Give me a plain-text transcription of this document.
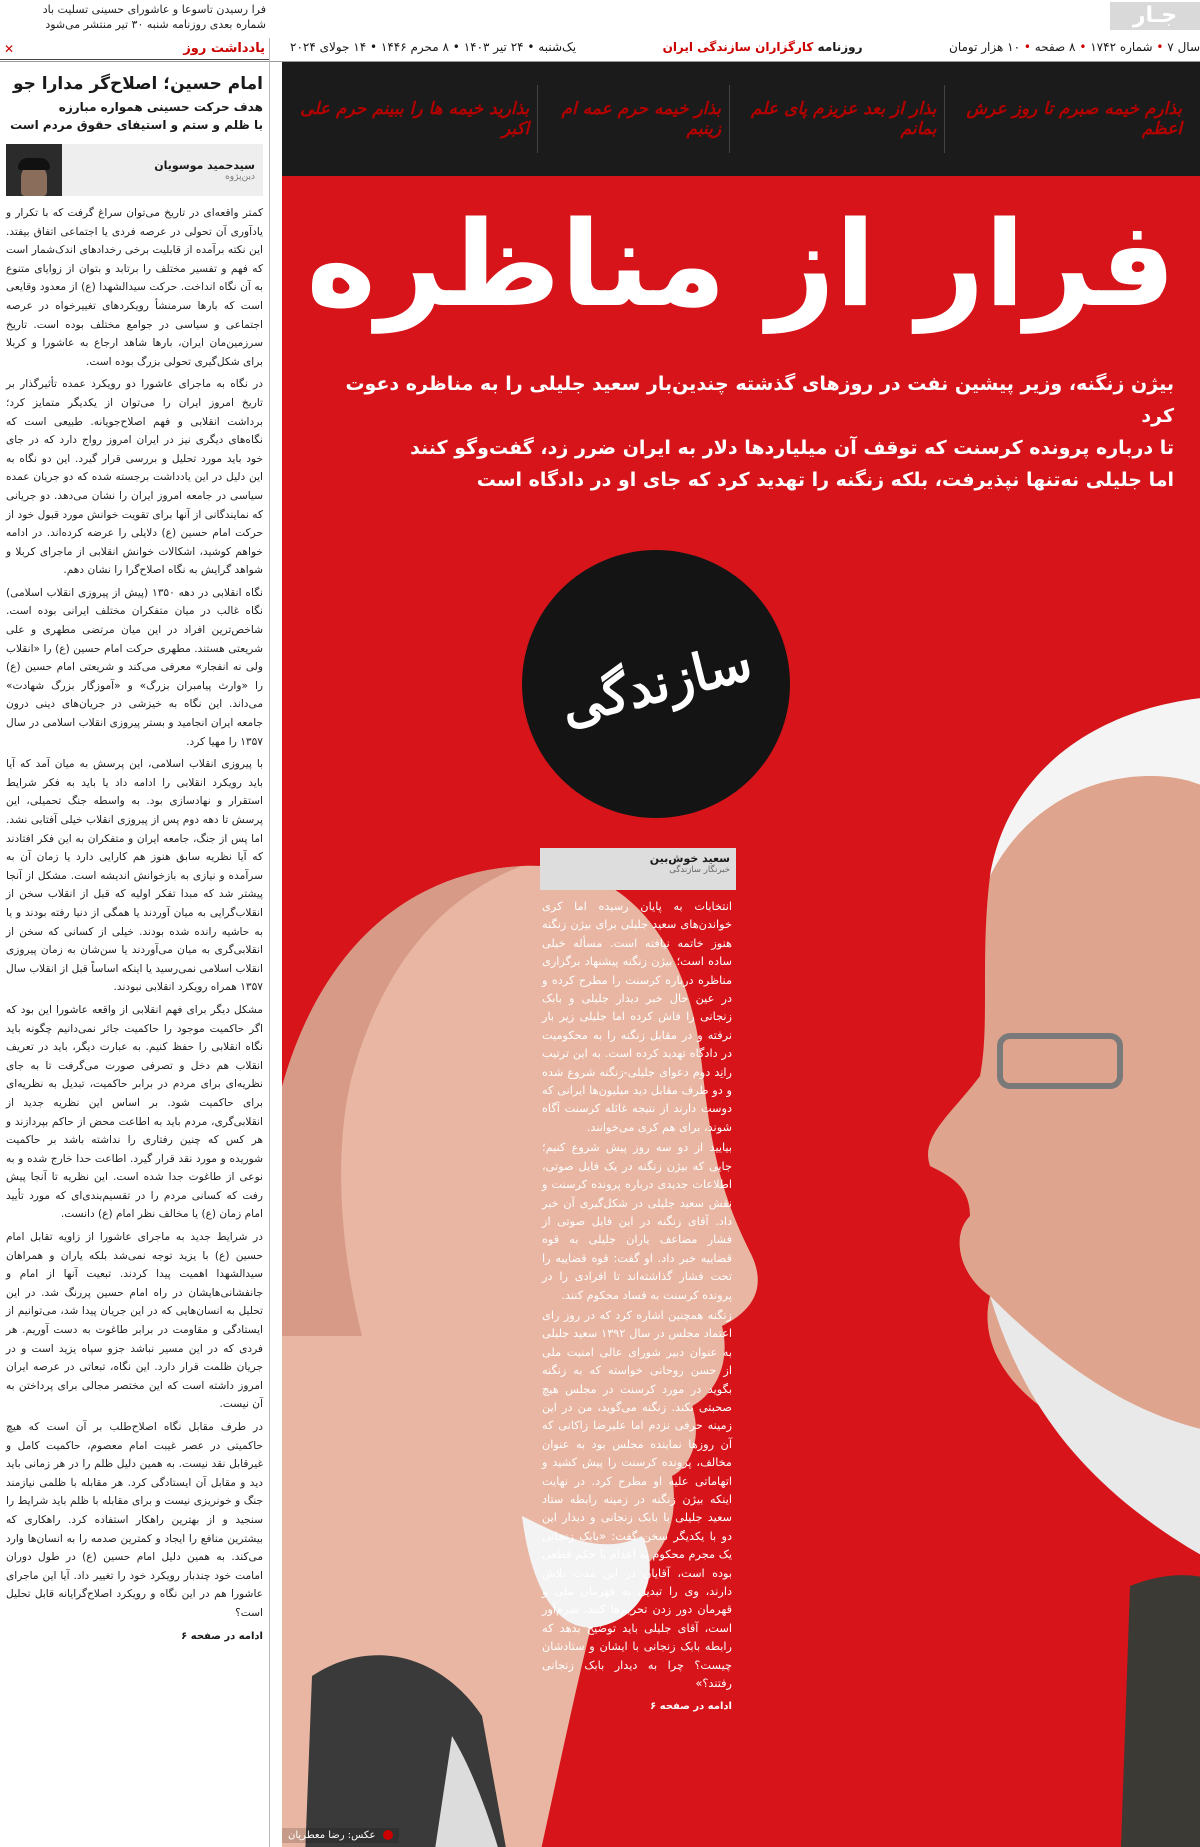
فرا رسیدن تاسوعا و عاشورای حسینی تسلیت باد
شماره بعدی روزنامه شنبه ۳۰ تیر منتشر می‌شود	جـار
سال ۷ • شماره ۱۷۴۲ • ۸ صفحه • ۱۰ هزار تومان
روزنامه کارگزاران سازندگی ایران
یک‌شنبه • ۲۴ تیر ۱۴۰۳ • ۸ محرم ۱۴۴۶ • ۱۴ جولای ۲۰۲۴
یادداشت روز
✕
امام حسین؛ اصلاح‌گر مدارا جو
هدف حرکت حسینی همواره مبارزه
با ظلم و ستم و استیفای حقوق مردم است
سیدحمید موسویان
دین‌پژوه

کمتر واقعه‌ای در تاریخ می‌توان سراغ گرفت که با تکرار و یادآوری آن تحولی در عرصه فردی یا اجتماعی اتفاق بیفتد. این نکته برآمده از قابلیت برخی رخدادهای اندک‌شمار است که فهم و تفسیر مختلف را برتابد و بتوان از زوایای متنوع به آن نگاه انداخت. حرکت سیدالشهدا (ع) از معدود وقایعی است که بارها سرمنشأ رویکردهای تغییرخواه در عرصه اجتماعی و سیاسی در جوامع مختلف بوده است. تاریخ سرزمین‌مان ایران، بارها شاهد ارجاع به عاشورا و کربلا برای شکل‌گیری تحولی بزرگ بوده است.

در نگاه به ماجرای عاشورا دو رویکرد عمده تأثیرگذار بر تاریخ امروز ایران را می‌توان از یکدیگر متمایز کرد؛ برداشت انقلابی و فهم اصلاح‌جویانه. طبیعی است که نگاه‌های دیگری نیز در ایران امروز رواج دارد که در جای خود باید مورد تحلیل و بررسی قرار گیرد. این دو نگاه به این دلیل در این یادداشت برجسته شده که دو جریان عمده سیاسی در جامعه امروز ایران را نشان می‌دهد. دو جریانی که نمایندگانی از آنها برای تقویت خوانش مورد قبول خود از حرکت امام حسین (ع) دلایلی را عرضه کرده‌اند. در ادامه خواهم کوشید، اشکالات خوانش انقلابی از ماجرای کربلا و شواهد گرایش به نگاه اصلاح‌گرا را نشان دهم.

نگاه انقلابی در دهه ۱۳۵۰ (پیش از پیروزی انقلاب اسلامی) نگاه غالب در میان متفکران مختلف ایرانی بوده است. شاخص‌ترین افراد در این میان مرتضی مطهری و علی شریعتی هستند. مطهری حرکت امام حسین (ع) را «انقلاب ولی نه انفجار» معرفی می‌کند و شریعتی امام حسین (ع) را «وارث پیامبران بزرگ» و «آموزگار بزرگ شهادت» می‌داند. این نگاه به خیزشی در جریان‌های دینی درون جامعه ایران انجامید و بستر پیروزی انقلاب اسلامی در سال ۱۳۵۷ را مهیا کرد.

با پیروزی انقلاب اسلامی، این پرسش به میان آمد که آیا باید رویکرد انقلابی را ادامه داد یا باید به فکر شرایط استقرار و نهادسازی بود. به واسطه جنگ تحمیلی، این پرسش تا دهه دوم پس از پیروزی انقلاب خیلی آفتابی نشد. اما پس از جنگ، جامعه ایران و متفکران به این فکر افتادند که آیا نظریه سابق هنوز هم کارایی دارد یا زمان آن به سرآمده و نیازی به بازخوانش اندیشه است. مشکل از آنجا پیشتر شد که مبدا تفکر اولیه که قبل از انقلاب سخن از انقلاب‌گرایی به میان آوردند یا همگی از دنیا رفته بودند و یا به حاشیه رانده شده بودند. خیلی از کسانی که سخن از انقلابی‌گری به میان می‌آوردند یا سن‌شان به زمان پیروزی انقلاب اسلامی نمی‌رسید یا اینکه اساساً قبل از انقلاب سال ۱۳۵۷ همراه رویکرد انقلابی نبودند.

مشکل دیگر برای فهم انقلابی از واقعه عاشورا این بود که اگر حاکمیت موجود را حاکمیت جائر نمی‌دانیم چگونه باید نگاه انقلابی را حفظ کنیم. به عبارت دیگر، باید در تعریف انقلاب هم دخل و تصرفی صورت می‌گرفت تا به جای نظریه‌ای برای مردم در برابر حاکمیت، تبدیل به نظریه‌ای برای حاکمیت شود. بر اساس این نظریه جدید از انقلابی‌گری، مردم باید به اطاعت محض از حاکم بپردازند و هر کس که چنین رفتاری را نداشته باشد بر حاکمیت شوریده و مورد نقد قرار گیرد. اطاعت حدا خارج شده و به نوعی از طاغوت جدا شده است. این نظریه تا آنجا پیش رفت که کسانی مردم را در تقسیم‌بندی‌ای که مورد تأیید امام زمان (ع) یا مخالف نظر امام (ع) دانست.

در شرایط جدید به ماجرای عاشورا از زاویه تقابل امام حسین (ع) با یزید توجه نمی‌شد بلکه یاران و همراهان سیدالشهدا اهمیت پیدا کردند. تبعیت آنها از امام و جانفشانی‌هایشان در راه امام حسین پررنگ شد. در این تحلیل به انسان‌هایی که در این جریان پیدا شد، می‌توانیم از ایستادگی و مقاومت در برابر طاغوت به دست آوریم. هر فردی که در این مسیر نباشد جزو سپاه یزید است و در جریان ظلمت قرار دارد. این نگاه، تبعاتی در عرصه ایران امروز داشته است که این مختصر مجالی برای پرداختن به آن نیست.

در طرف مقابل نگاه اصلاح‌طلب بر آن است که هیچ حاکمیتی در عصر غیبت امام معصوم، حاکمیت کامل و غیرقابل نقد نیست. به همین دلیل ظلم را در هر زمانی باید دید و مقابل آن ایستادگی کرد. هر مقابله با ظلمی نیازمند جنگ و خونریزی نیست و برای مقابله با ظلم باید شرایط را سنجید و از بهترین راهکار استفاده کرد. راهکاری که بیشترین منافع را ایجاد و کمترین صدمه را به انسان‌ها وارد می‌کند. به همین دلیل امام حسین (ع) در طول دوران امامت خود چندبار رویکرد خود را تغییر داد. آیا این ماجرای عاشورا هم در این نگاه و رویکرد اصلاح‌گرایانه قابل تحلیل است؟

ادامه در صفحه ۶
بذارم خیمه صبرم تا روز عرش اعظم
بذار از بعد عزیزم پای علم بمانم
بذار خیمه حرم عمه ام زینبم
بذارید خیمه ها را ببینم حرم علی اکبر
فرار از مناظره
بیژن زنگنه، وزیر پیشین نفت در روزهای گذشته چندین‌بار سعید جلیلی را به مناظره دعوت کرد
تا درباره پرونده کرسنت که توقف آن میلیاردها دلار به ایران ضرر زد، گفت‌وگو کنند
اما جلیلی نه‌تنها نپذیرفت، بلکه زنگنه را تهدید کرد که جای او در دادگاه است
سازندگی
سعید خوش‌بین
خبرنگار سازندگی

انتخابات به پایان رسیده اما کری خواندن‌های سعید جلیلی برای بیژن زنگنه هنوز خاتمه نیافته است. مسأله خیلی ساده است؛ بیژن زنگنه پیشنهاد برگزاری مناظره درباره کرسنت را مطرح کرده و در عین حال خبر دیدار جلیلی و بابک زنجانی را فاش کرده اما جلیلی زیر بار نرفته و در مقابل زنگنه را به محکومیت در دادگاه تهدید کرده است. به این ترتیب رانِد دوم دعوای جلیلی-زنگنه شروع شده و دو طرف مقابل دید میلیون‌ها ایرانی که دوست دارند از نتیجه غائله کرسنت آگاه شوند، برای هم کری می‌خوانند.

بیایید از دو سه روز پیش شروع کنیم؛ جایی که بیژن زنگنه در یک فایل صوتی، اطلاعات جدیدی درباره پرونده کرسنت و نقش سعید جلیلی در شکل‌گیری آن خبر داد. آقای زنگنه در این فایل صوتی از فشار مضاعف یاران جلیلی به قوه قضاییه خبر داد. او گفت: قوه قضاییه را تحت فشار گذاشته‌اند تا افرادی را در پرونده کرسنت به فساد محکوم کنند.

زنگنه همچنین اشاره کرد که در روز رای اعتماد مجلس در سال ۱۳۹۲ سعید جلیلی به عنوان دبیر شورای عالی امنیت ملی از حسن روحانی خواسته که به زنگنه بگوید در مورد کرسنت در مجلس هیچ صحبتی نکند. زنگنه می‌گوید، من در این زمینه حرفی نزدم اما علیرضا زاکانی که آن روزها نماینده مجلس بود به عنوان مخالف، پرونده کرسنت را پیش کشید و اتهاماتی علیه او مطرح کرد. در نهایت اینکه بیژن زنگنه در زمینه رابطه ستاد سعید جلیلی با بابک زنجانی و دیدار این دو با یکدیگر سخن گفت: «بابک زنجانی یک مجرم محکوم به اعدام با حکم قطعی بوده است، آقایان در این مدت تلاش دارند، وی را تبدیل به قهرمان ملی و قهرمان دور زدن تحریم‌ها کنند، شرم‌آور است، آقای جلیلی باید توضیح بدهد که رابطه بابک زنجانی با ایشان و ستادشان چیست؟ چرا به دیدار بابک زنجانی رفتند؟»

ادامه در صفحه ۶
عکس: رضا معطریان
